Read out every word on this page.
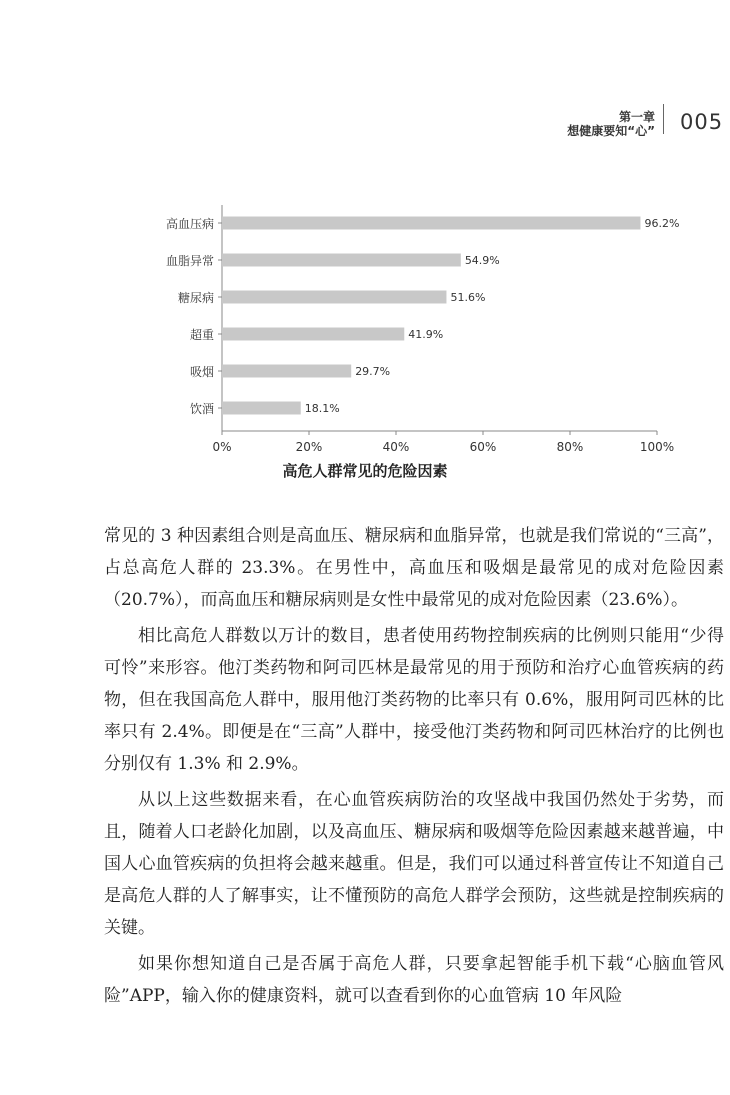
第一章
想健康要知“心” 005
高血压病	96.2%
血脂异常	54.9%
糖尿病	51.6%
超重	41.9%
吸烟	29.7%
饮酒	18.1%
0%	20%	40%	60%	80%	100%
高危人群常见的危险因素

常见的 3 种因素组合则是高血压、糖尿病和血脂异常，也就是我们常说的“三高”，占总高危人群的 23.3%。在男性中，高血压和吸烟是最常见的成对危险因素（20.7%），而高血压和糖尿病则是女性中最常见的成对危险因素（23.6%）。

相比高危人群数以万计的数目，患者使用药物控制疾病的比例则只能用“少得可怜”来形容。他汀类药物和阿司匹林是最常见的用于预防和治疗心血管疾病的药物，但在我国高危人群中，服用他汀类药物的比率只有 0.6%，服用阿司匹林的比率只有 2.4%。即便是在“三高”人群中，接受他汀类药物和阿司匹林治疗的比例也分别仅有 1.3% 和 2.9%。

从以上这些数据来看，在心血管疾病防治的攻坚战中我国仍然处于劣势，而且，随着人口老龄化加剧，以及高血压、糖尿病和吸烟等危险因素越来越普遍，中国人心血管疾病的负担将会越来越重。但是，我们可以通过科普宣传让不知道自己是高危人群的人了解事实，让不懂预防的高危人群学会预防，这些就是控制疾病的关键。

如果你想知道自己是否属于高危人群，只要拿起智能手机下载“心脑血管风险”APP，输入你的健康资料，就可以查看到你的心血管病 10 年风险
